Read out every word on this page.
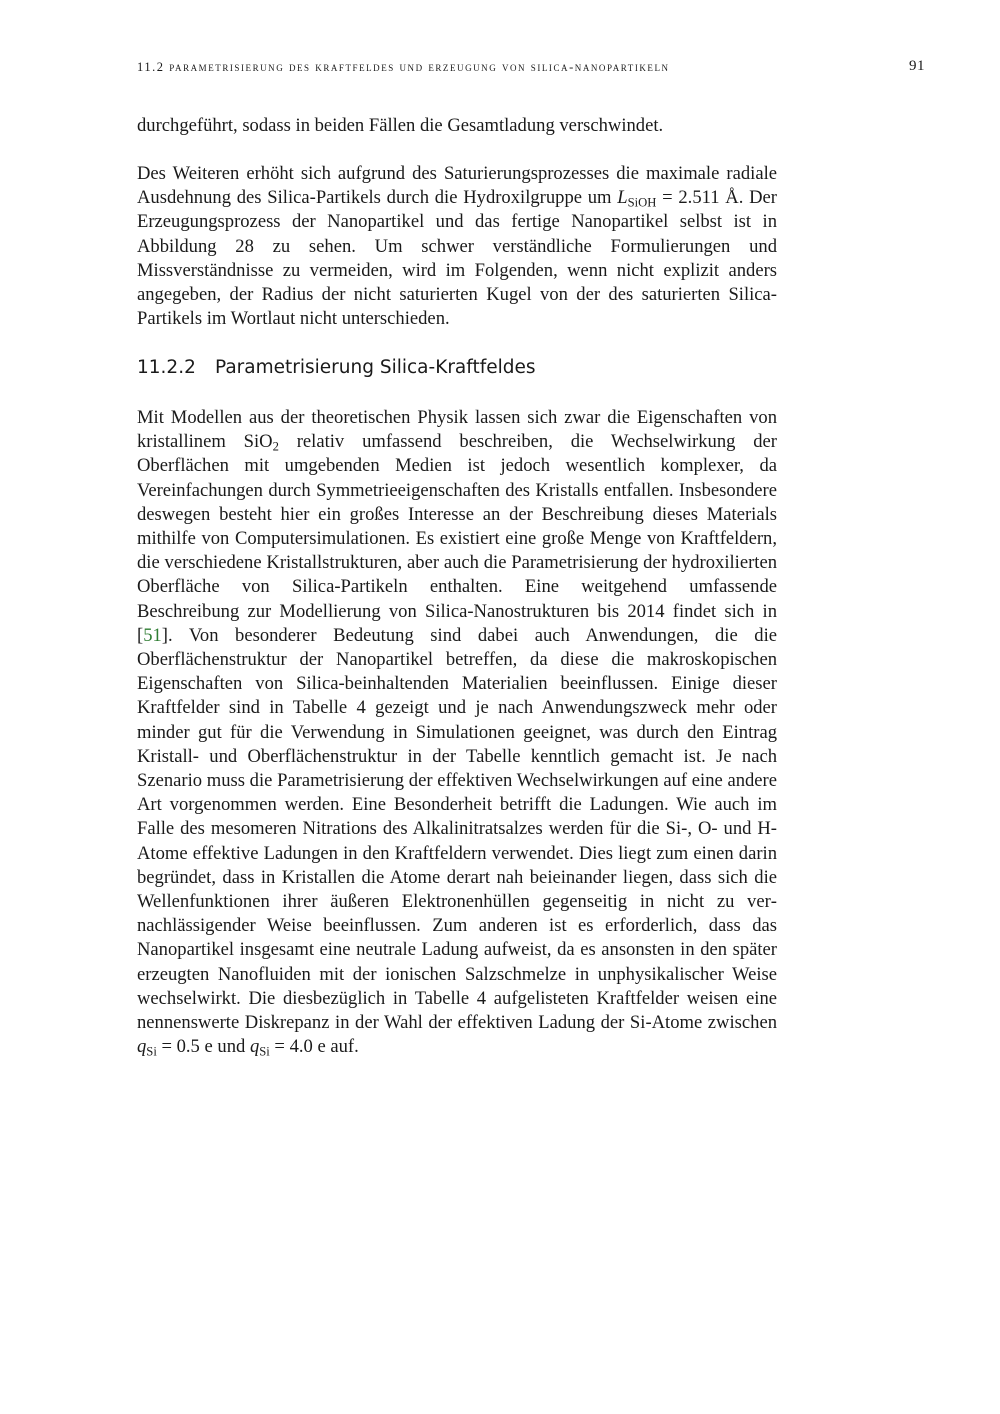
11.2 parametrisierung des kraftfeldes und erzeugung von silica-nanopartikeln	91

durchgeführt, sodass in beiden Fällen die Gesamtladung verschwindet.

Des Weiteren erhöht sich aufgrund des Saturierungsprozesses die maximale radiale Ausdehnung des Silica-Partikels durch die Hydroxilgruppe um $L_{SiOH} = 2.511$ Å. Der Erzeugungsprozess der Nanopartikel und das fertige Nanopartikel selbst ist in Abbildung 28 zu sehen. Um schwer verständliche Formulierungen und Missverständnisse zu vermeiden, wird im Folgenden, wenn nicht explizit anders angegeben, der Radius der nicht saturierten Kugel von der des saturierten Silica-Partikels im Wortlaut nicht unterschieden.

11.2.2 Parametrisierung Silica-Kraftfeldes

Mit Modellen aus der theoretischen Physik lassen sich zwar die Eigenschaften von kristallinem SiO$_2$ relativ umfassend beschreiben, die Wechselwirkung der Oberflächen mit umgebenden Medien ist jedoch wesentlich komplexer, da Vereinfachungen durch Symmetrieeigenschaften des Kristalls entfallen. Insbesondere deswegen besteht hier ein großes Interesse an der Beschreibung dieses Materials mithilfe von Computersimulationen. Es existiert eine große Menge von Kraftfeldern, die verschiedene Kristallstrukturen, aber auch die Parametrisierung der hydroxilierten Oberfläche von Silica-Partikeln enthalten. Eine weitgehend umfassende Beschreibung zur Modellierung von Silica-Nanostrukturen bis 2014 findet sich in [51]. Von besonderer Bedeutung sind dabei auch Anwendungen, die die Oberflächenstruktur der Nanopartikel betreffen, da diese die makroskopischen Eigenschaften von Silica-beinhaltenden Materialien beeinflussen. Einige dieser Kraftfelder sind in Tabelle 4 gezeigt und je nach Anwendungszweck mehr oder minder gut für die Verwendung in Simulationen geeignet, was durch den Eintrag Kristall- und Oberflächenstruktur in der Tabelle kenntlich gemacht ist. Je nach Szenario muss die Parametrisierung der effektiven Wechselwirkungen auf eine andere Art vorgenommen werden. Eine Besonderheit betrifft die Ladungen. Wie auch im Falle des mesomeren Nitrations des Alkalinitratsalzes werden für die Si-, O- und H-Atome effektive Ladungen in den Kraftfeldern verwendet. Dies liegt zum einen darin begründet, dass in Kristallen die Atome derart nah beieinander liegen, dass sich die Wellenfunktionen ihrer äußeren Elektronenhüllen gegenseitig in nicht zu vernachlässigender Weise beeinflussen. Zum anderen ist es erforderlich, dass das Nanopartikel insgesamt eine neutrale Ladung aufweist, da es ansonsten in den später erzeugten Nanofluiden mit der ionischen Salzschmelze in unphysikalischer Weise wechselwirkt. Die diesbezüglich in Tabelle 4 aufgelisteten Kraftfelder weisen eine nennenswerte Diskrepanz in der Wahl der effektiven Ladung der Si-Atome zwischen $q_{Si} = 0.5$ e und $q_{Si} = 4.0$ e auf.
